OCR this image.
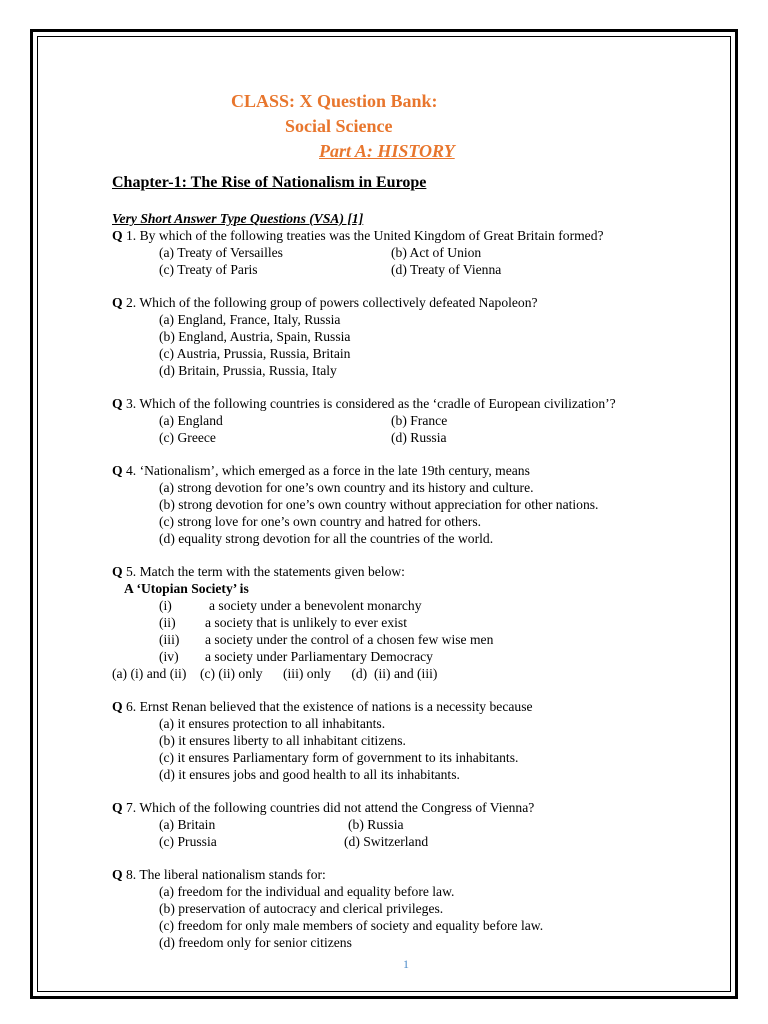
CLASS: X Question Bank:
Social Science
Part A: HISTORY
Chapter-1: The Rise of Nationalism in Europe
Very Short Answer Type Questions (VSA) [1]
Q 1. By which of the following treaties was the United Kingdom of Great Britain formed?
(a) Treaty of Versailles	(b) Act of Union
(c) Treaty of Paris	(d) Treaty of Vienna
Q 2. Which of the following group of powers collectively defeated Napoleon?
(a) England, France, Italy, Russia
(b) England, Austria, Spain, Russia
(c) Austria, Prussia, Russia, Britain
(d) Britain, Prussia, Russia, Italy
Q 3. Which of the following countries is considered as the ‘cradle of European civilization’?
(a) England	(b) France
(c) Greece	(d) Russia
Q 4. ‘Nationalism’, which emerged as a force in the late 19th century, means
(a) strong devotion for one’s own country and its history and culture.
(b) strong devotion for one’s own country without appreciation for other nations.
(c) strong love for one’s own country and hatred for others.
(d) equality strong devotion for all the countries of the world.
Q 5. Match the term with the statements given below:
A ‘Utopian Society’ is
(i)	a society under a benevolent monarchy
(ii) a society that is unlikely to ever exist
(iii) a society under the control of a chosen few wise men
(iv) a society under Parliamentary Democracy
(a) (i) and (ii)    (c) (ii) only      (iii) only      (d)  (ii) and (iii)
Q 6. Ernst Renan believed that the existence of nations is a necessity because
(a) it ensures protection to all inhabitants.
(b) it ensures liberty to all inhabitant citizens.
(c) it ensures Parliamentary form of government to its inhabitants.
(d) it ensures jobs and good health to all its inhabitants.
Q 7. Which of the following countries did not attend the Congress of Vienna?
(a) Britain	(b) Russia
(c) Prussia	(d) Switzerland
Q 8. The liberal nationalism stands for:
(a) freedom for the individual and equality before law.
(b) preservation of autocracy and clerical privileges.
(c) freedom for only male members of society and equality before law.
(d) freedom only for senior citizens
1
